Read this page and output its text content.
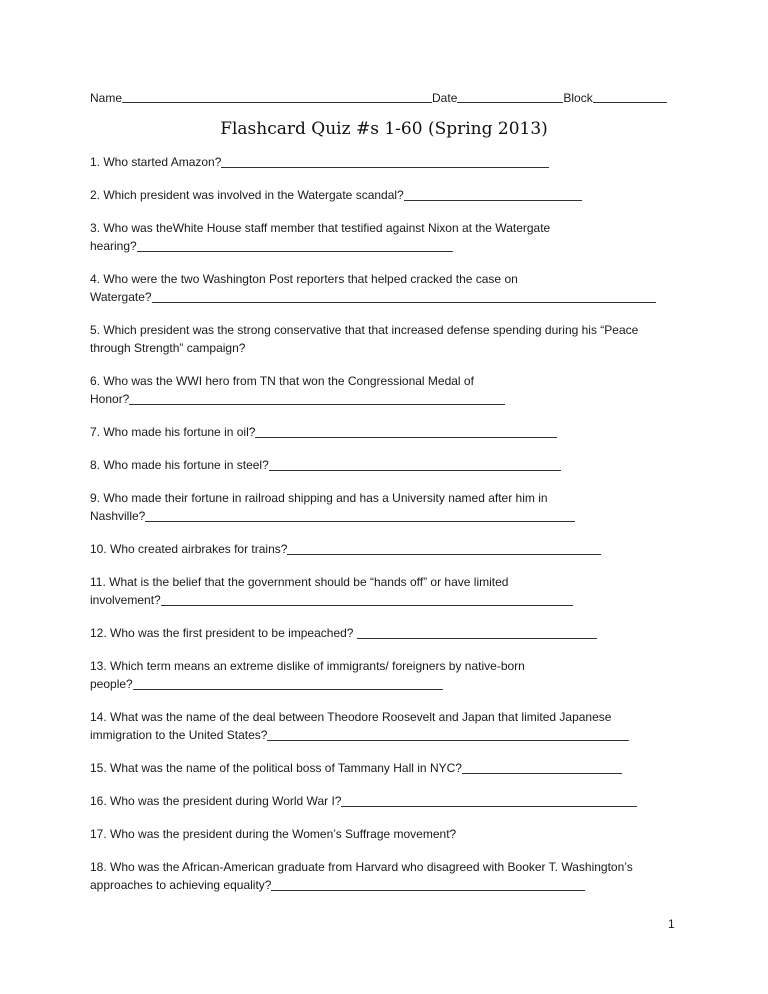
Name	Date	Block
Flashcard Quiz #s 1-60 (Spring 2013)
1. Who started Amazon?
2. Which president was involved in the Watergate scandal?
3. Who was theWhite House staff member that testified against Nixon at the Watergate
hearing?
4. Who were the two Washington Post reporters that helped cracked the case on
Watergate?
5. Which president was the strong conservative that that increased defense spending during his “Peace
through Strength” campaign?
6. Who was the WWI hero from TN that won the Congressional Medal of
Honor?
7. Who made his fortune in oil?
8. Who made his fortune in steel?
9. Who made their fortune in railroad shipping and has a University named after him in
Nashville?
10. Who created airbrakes for trains?
11. What is the belief that the government should be “hands off” or have limited
involvement?
12. Who was the first president to be impeached?
13. Which term means an extreme dislike of immigrants/ foreigners by native-born
people?
14. What was the name of the deal between Theodore Roosevelt and Japan that limited Japanese
immigration to the United States?
15. What was the name of the political boss of Tammany Hall in NYC?
16. Who was the president during World War I?
17. Who was the president during the Women’s Suffrage movement?
18. Who was the African-American graduate from Harvard who disagreed with Booker T. Washington’s
approaches to achieving equality?
1
